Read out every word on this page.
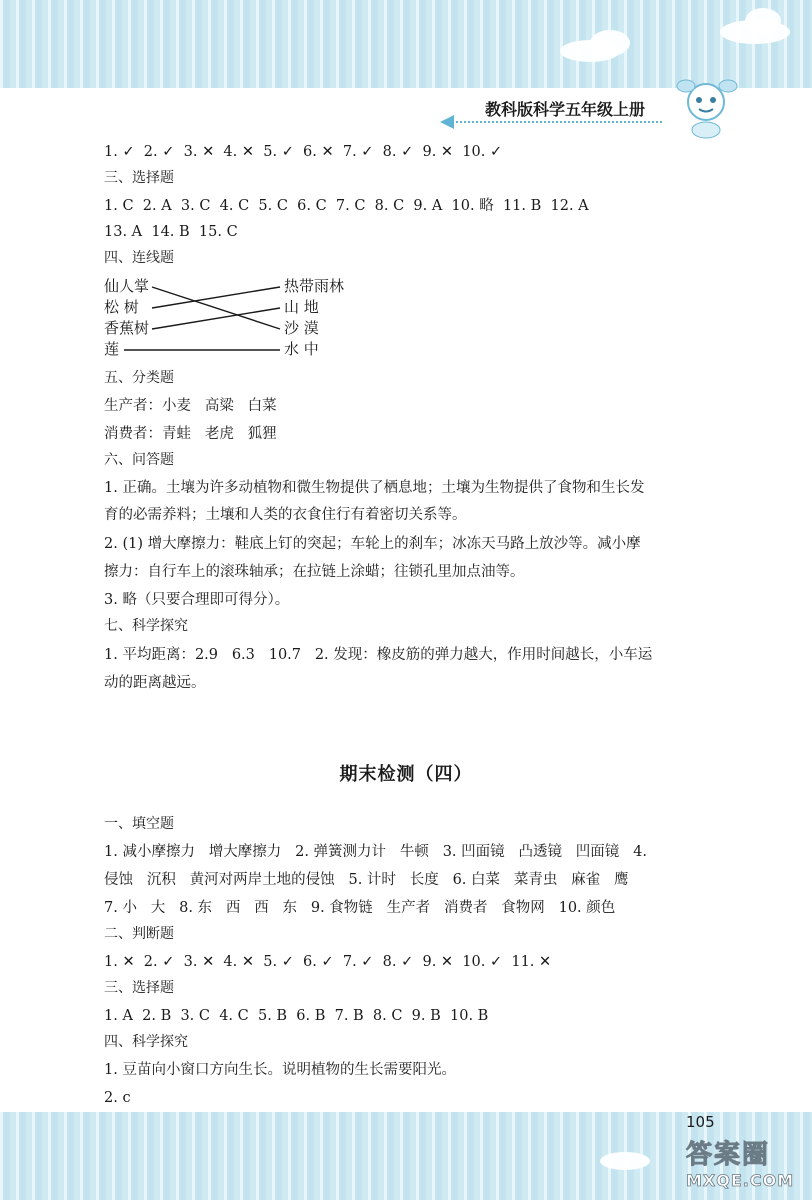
教科版科学五年级上册
1. ✓  2. ✓  3. ✕  4. ✕  5. ✓  6. ✕  7. ✓  8. ✓  9. ✕  10. ✓
三、选择题
1. C  2. A  3. C  4. C  5. C  6. C  7. C  8. C  9. A  10. 略  11. B  12. A
13. A  14. B  15. C
四、连线题
仙人掌
松 树
香蕉树
莲
热带雨林
山 地
沙 漠
水 中
五、分类题
生产者：小麦   高粱   白菜
消费者：青蛙   老虎   狐狸
六、问答题
1. 正确。土壤为许多动植物和微生物提供了栖息地；土壤为生物提供了食物和生长发
育的必需养料；土壤和人类的衣食住行有着密切关系等。
2. (1) 增大摩擦力：鞋底上钉的突起；车轮上的刹车；冰冻天马路上放沙等。减小摩
擦力：自行车上的滚珠轴承；在拉链上涂蜡；往锁孔里加点油等。
3. 略（只要合理即可得分）。
七、科学探究
1. 平均距离：2.9   6.3   10.7   2. 发现：橡皮筋的弹力越大，作用时间越长，小车运
动的距离越远。
期末检测（四）
一、填空题
1. 减小摩擦力   增大摩擦力   2. 弹簧测力计   牛顿   3. 凹面镜   凸透镜   凹面镜   4.
侵蚀   沉积   黄河对两岸土地的侵蚀   5. 计时   长度   6. 白菜   菜青虫   麻雀   鹰
7. 小   大   8. 东   西   西   东   9. 食物链   生产者   消费者   食物网   10. 颜色
二、判断题
1. ✕  2. ✓  3. ✕  4. ✕  5. ✓  6. ✓  7. ✓  8. ✓  9. ✕  10. ✓  11. ✕
三、选择题
1. A  2. B  3. C  4. C  5. B  6. B  7. B  8. C  9. B  10. B
四、科学探究
1. 豆苗向小窗口方向生长。说明植物的生长需要阳光。
2. c
105
答案圈
MXQE.COM
